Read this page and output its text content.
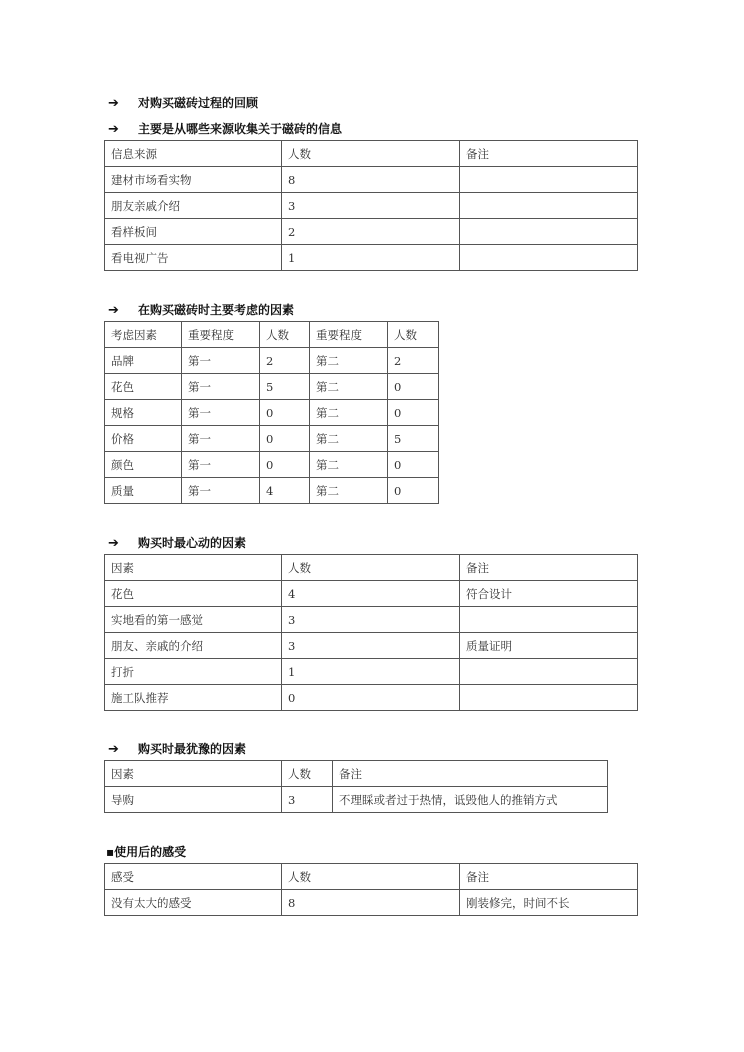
➔ 对购买磁砖过程的回顾
➔ 主要是从哪些来源收集关于磁砖的信息
信息来源	人数	备注
建材市场看实物	8	
朋友亲戚介绍	3	
看样板间	2	
看电视广告	1	
➔ 在购买磁砖时主要考虑的因素
考虑因素	重要程度	人数	重要程度	人数
品牌	第一	2	第二	2
花色	第一	5	第二	0
规格	第一	0	第二	0
价格	第一	0	第二	5
颜色	第一	0	第二	0
质量	第一	4	第二	0
➔ 购买时最心动的因素
因素	人数	备注
花色	4	符合设计
实地看的第一感觉	3	
朋友、亲戚的介绍	3	质量证明
打折	1	
施工队推荐	0	
➔ 购买时最犹豫的因素
因素	人数	备注
导购	3	不理睬或者过于热情，诋毁他人的推销方式
▪使用后的感受
感受	人数	备注
没有太大的感受	8	刚装修完，时间不长
